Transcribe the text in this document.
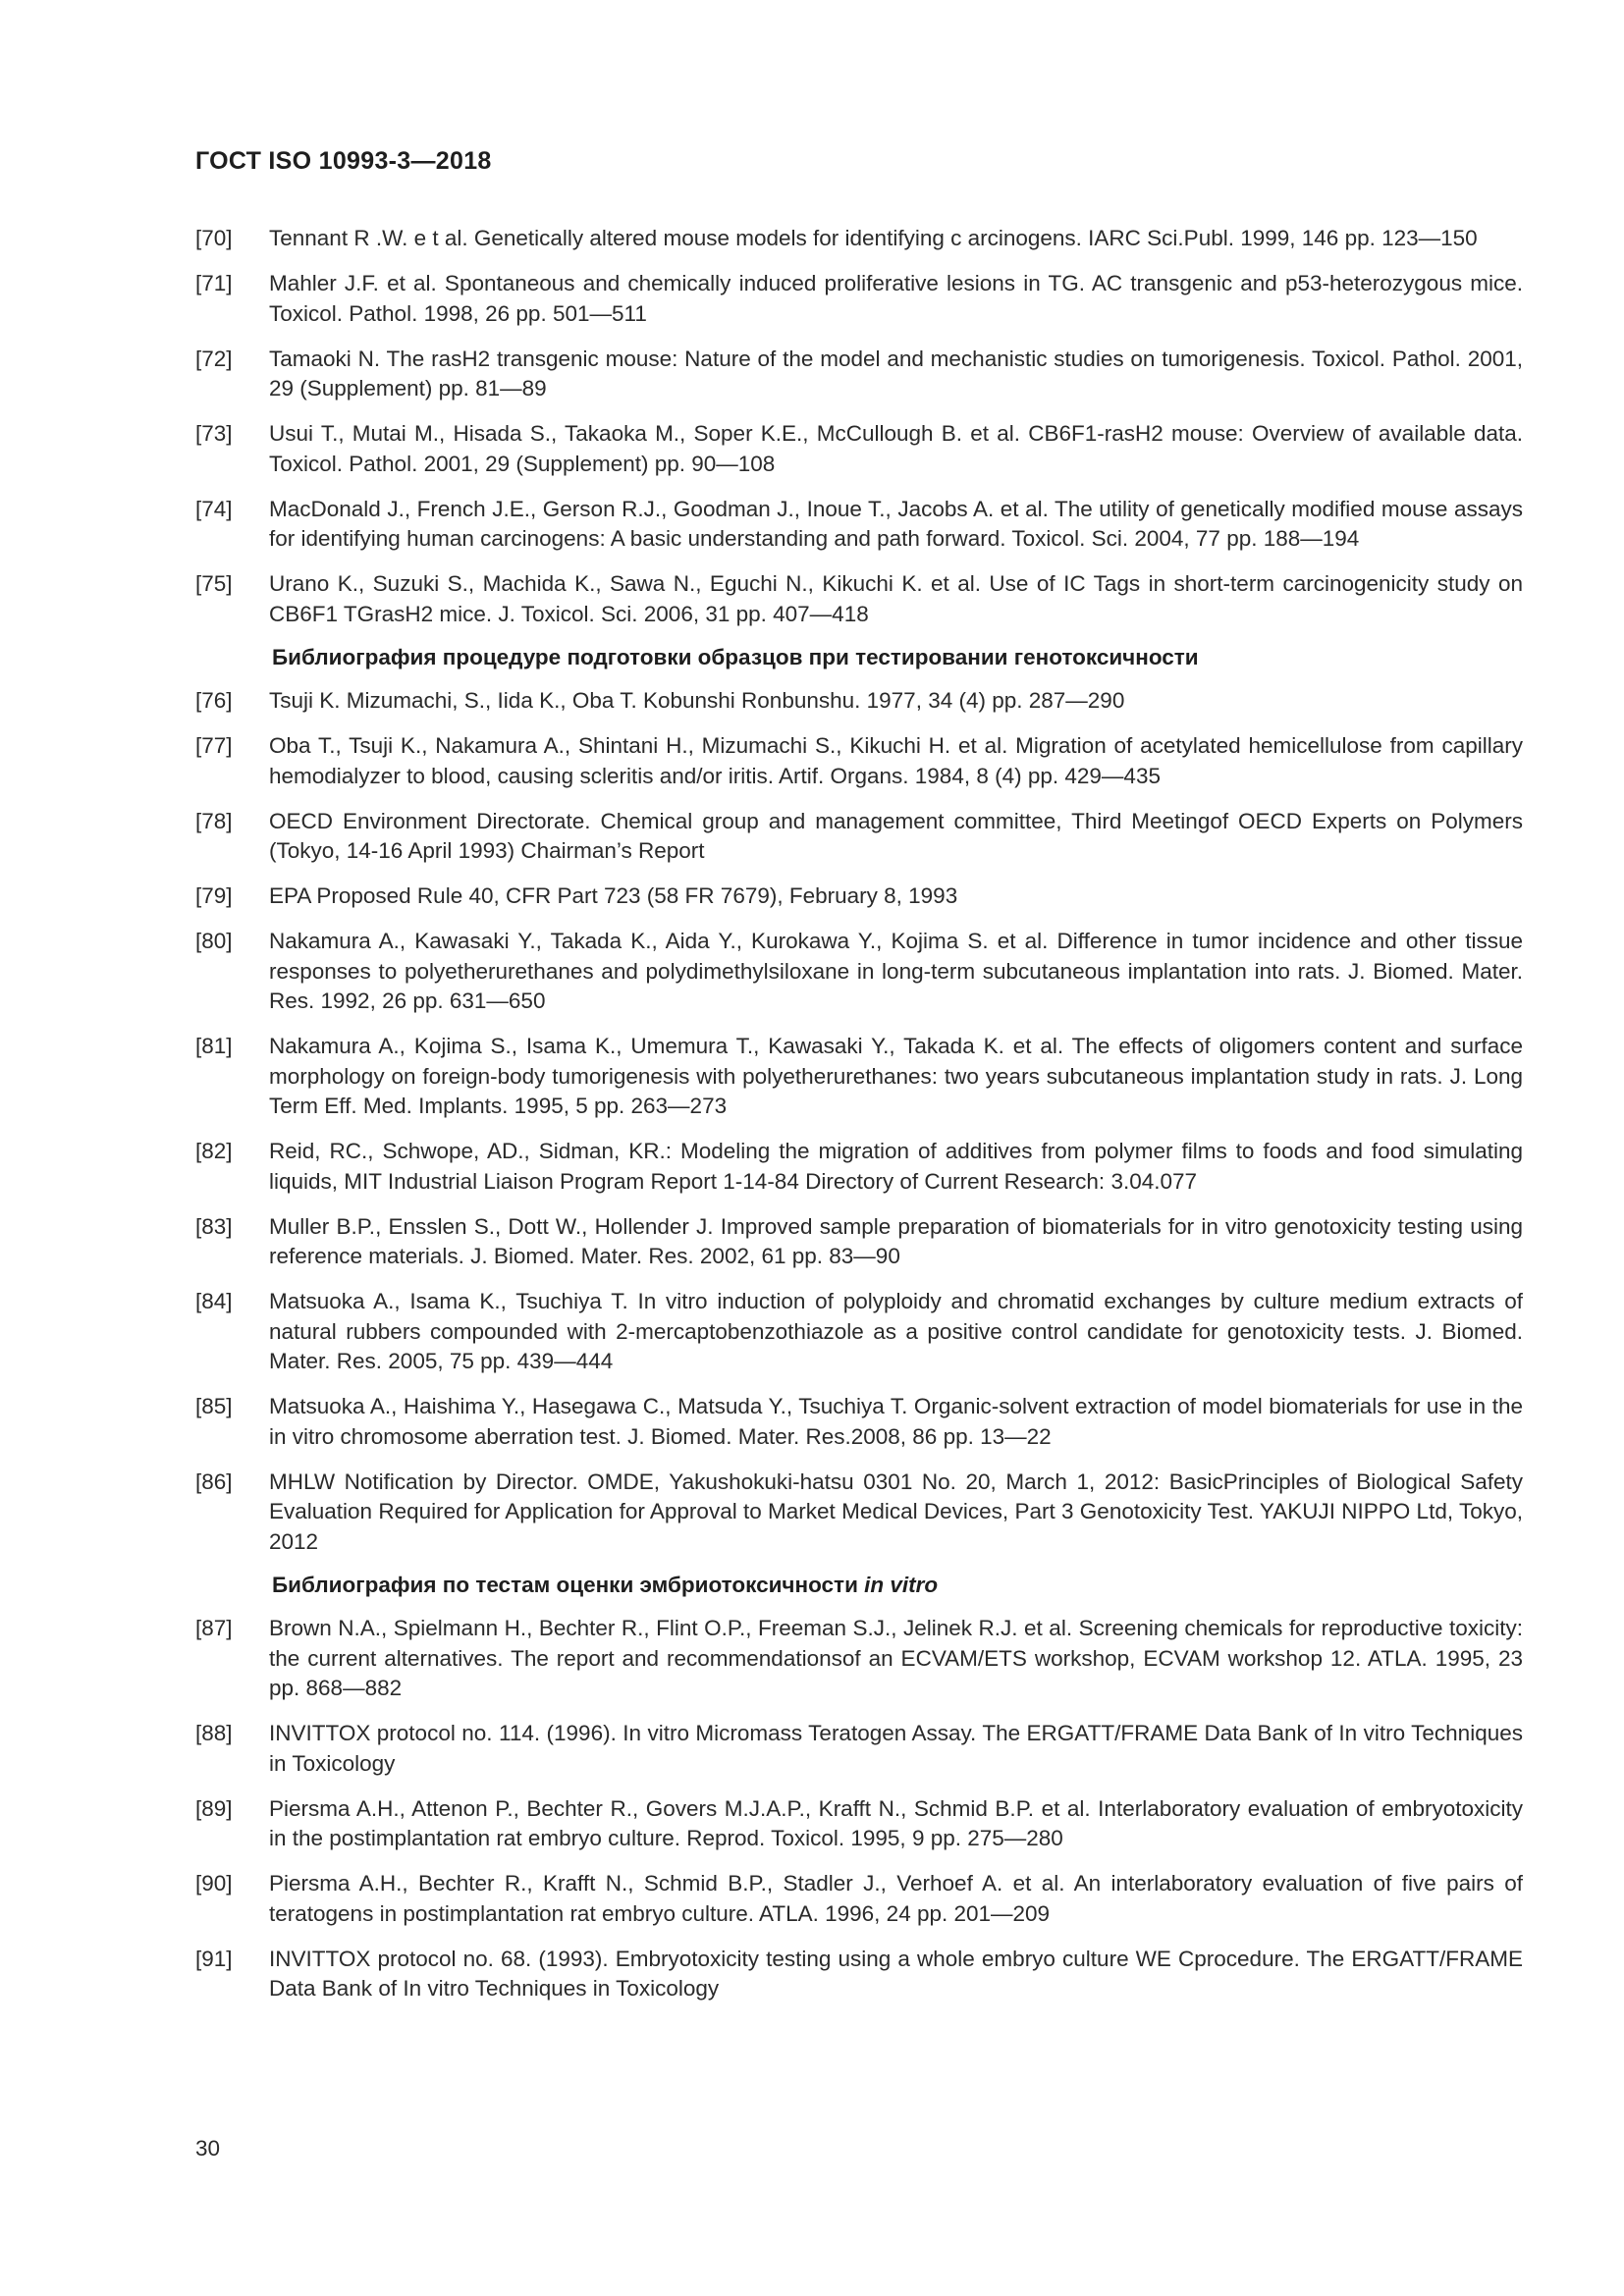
ГОСТ ISO 10993-3—2018
[70]	Tennant R .W. e t al. Genetically altered mouse models for identifying c arcinogens. IARC Sci.Publ. 1999, 146 pp. 123—150
[71]	Mahler J.F. et al. Spontaneous and chemically induced proliferative lesions in TG. AC transgenic and p53-heterozygous mice. Toxicol. Pathol. 1998, 26 pp. 501—511
[72]	Tamaoki N. The rasH2 transgenic mouse: Nature of the model and mechanistic studies on tumorigenesis. Toxicol. Pathol. 2001, 29 (Supplement) pp. 81—89
[73]	Usui T., Mutai M., Hisada S., Takaoka M., Soper K.E., McCullough B. et al. CB6F1-rasH2 mouse: Overview of available data. Toxicol. Pathol. 2001, 29 (Supplement) pp. 90—108
[74]	MacDonald J., French J.E., Gerson R.J., Goodman J., Inoue T., Jacobs A. et al. The utility of genetically modified mouse assays for identifying human carcinogens: A basic understanding and path forward. Toxicol. Sci. 2004, 77 pp. 188—194
[75]	Urano K., Suzuki S., Machida K., Sawa N., Eguchi N., Kikuchi K. et al. Use of IC Tags in short-term carcinogenicity study on CB6F1 TGrasH2 mice. J. Toxicol. Sci. 2006, 31 pp. 407—418
Библиография процедуре подготовки образцов при тестировании генотоксичности
[76]	Tsuji K. Mizumachi, S., Iida K., Oba T. Kobunshi Ronbunshu. 1977, 34 (4) pp. 287—290
[77]	Oba T., Tsuji K., Nakamura A., Shintani H., Mizumachi S., Kikuchi H. et al. Migration of acetylated hemicellulose from capillary hemodialyzer to blood, causing scleritis and/or iritis. Artif. Organs. 1984, 8 (4) pp. 429—435
[78]	OECD Environment Directorate. Chemical group and management committee, Third Meetingof OECD Experts on Polymers (Tokyo, 14-16 April 1993) Chairman’s Report
[79]	EPA Proposed Rule 40, CFR Part 723 (58 FR 7679), February 8, 1993
[80]	Nakamura A., Kawasaki Y., Takada K., Aida Y., Kurokawa Y., Kojima S. et al. Difference in tumor incidence and other tissue responses to polyetherurethanes and polydimethylsiloxane in long-term subcutaneous implantation into rats. J. Biomed. Mater. Res. 1992, 26 pp. 631—650
[81]	Nakamura A., Kojima S., Isama K., Umemura T., Kawasaki Y., Takada K. et al. The effects of oligomers content and surface morphology on foreign-body tumorigenesis with polyetherurethanes: two years subcutaneous implantation study in rats. J. Long Term Eff. Med. Implants. 1995, 5 pp. 263—273
[82]	Reid, RC., Schwope, AD., Sidman, KR.: Modeling the migration of additives from polymer films to foods and food simulating liquids, MIT Industrial Liaison Program Report 1-14-84 Directory of Current Research: 3.04.077
[83]	Muller B.P., Ensslen S., Dott W., Hollender J. Improved sample preparation of biomaterials for in vitro genotoxicity testing using reference materials. J. Biomed. Mater. Res. 2002, 61 pp. 83—90
[84]	Matsuoka A., Isama K., Tsuchiya T. In vitro induction of polyploidy and chromatid exchanges by culture medium extracts of natural rubbers compounded with 2-mercaptobenzothiazole as a positive control candidate for genotoxicity tests. J. Biomed. Mater. Res. 2005, 75 pp. 439—444
[85]	Matsuoka A., Haishima Y., Hasegawa C., Matsuda Y., Tsuchiya T. Organic-solvent extraction of model biomaterials for use in the in vitro chromosome aberration test. J. Biomed. Mater. Res.2008, 86 pp. 13—22
[86]	MHLW Notification by Director. OMDE, Yakushokuki-hatsu 0301 No. 20, March 1, 2012: BasicPrinciples of Biological Safety Evaluation Required for Application for Approval to Market Medical Devices, Part 3 Genotoxicity Test. YAKUJI NIPPO Ltd, Tokyo, 2012
Библиография по тестам оценки эмбриотоксичности in vitro
[87]	Brown N.A., Spielmann H., Bechter R., Flint O.P., Freeman S.J., Jelinek R.J. et al. Screening chemicals for reproductive toxicity: the current alternatives. The report and recommendationsof an ECVAM/ETS workshop, ECVAM workshop 12. ATLA. 1995, 23 pp. 868—882
[88]	INVITTOX protocol no. 114. (1996). In vitro Micromass Teratogen Assay. The ERGATT/FRAME Data Bank of In vitro Techniques in Toxicology
[89]	Piersma A.H., Attenon P., Bechter R., Govers M.J.A.P., Krafft N., Schmid B.P. et al. Interlaboratory evaluation of embryotoxicity in the postimplantation rat embryo culture. Reprod. Toxicol. 1995, 9 pp. 275—280
[90]	Piersma A.H., Bechter R., Krafft N., Schmid B.P., Stadler J., Verhoef A. et al. An interlaboratory evaluation of five pairs of teratogens in postimplantation rat embryo culture. ATLA. 1996, 24 pp. 201—209
[91]	INVITTOX protocol no. 68. (1993). Embryotoxicity testing using a whole embryo culture WE Cprocedure. The ERGATT/FRAME Data Bank of In vitro Techniques in Toxicology
30
